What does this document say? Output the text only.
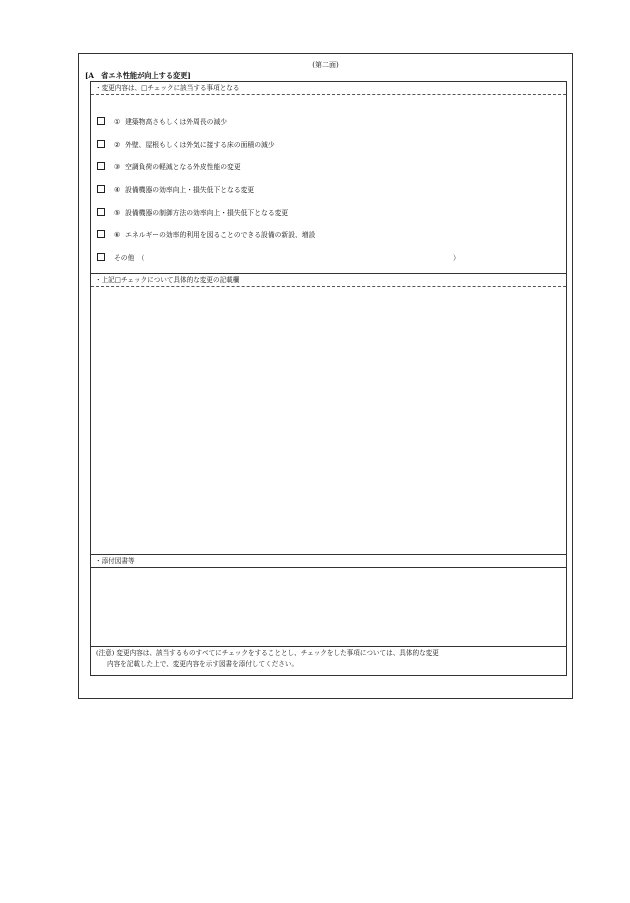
(第二面)
[A　省エネ性能が向上する変更]
・変更内容は、□チェックに該当する事項となる
① 建築物高さもしくは外周長の減少
② 外壁、屋根もしくは外気に接する床の面積の減少
③ 空調負荷の軽減となる外皮性能の変更
④ 設備機器の効率向上・損失低下となる変更
⑤ 設備機器の制御方法の効率向上・損失低下となる変更
⑥ エネルギーの効率的利用を図ることのできる設備の新設、増設
その他　（	）
・上記□チェックについて具体的な変更の記載欄
・添付図書等
(注意) 変更内容は、該当するものすべてにチェックをすることとし、チェックをした事項については、具体的な変更
内容を記載した上で、変更内容を示す図書を添付してください。
